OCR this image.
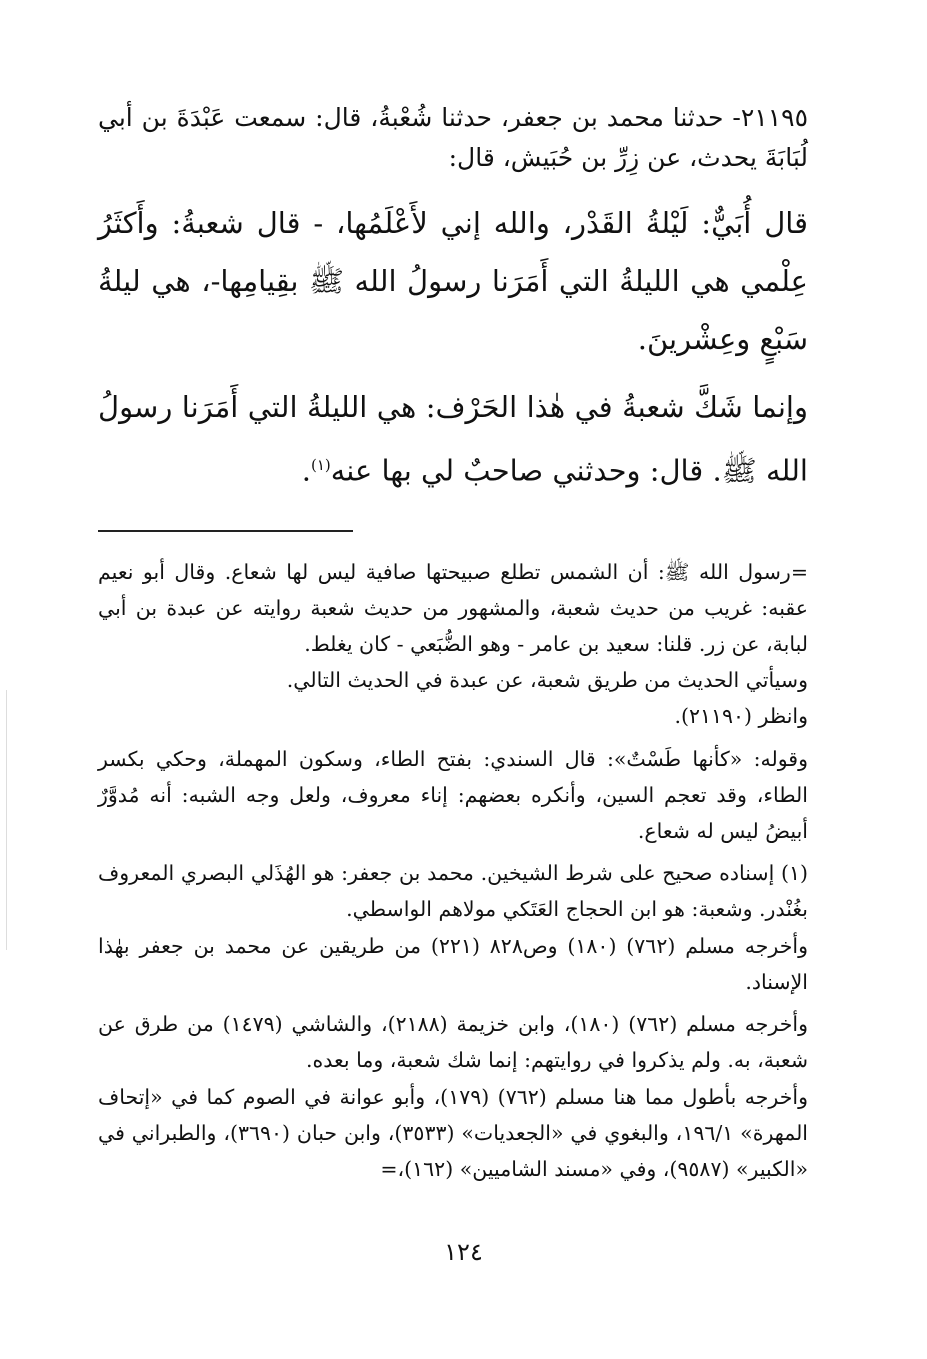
٢١١٩٥- حدثنا محمد بن جعفر، حدثنا شُعْبةُ، قال: سمعت عَبْدَةَ بن أبي لُبَابَةَ يحدث، عن زِرِّ بن حُبَيش، قال:

قال أُبَيٌّ: لَيْلةُ القَدْر، والله إني لأَعْلَمُها، - قال شعبةُ: وأَكثَرُ عِلْمي هي الليلةُ التي أَمَرَنا رسولُ الله ﷺ بقِيامِها-، هي ليلةُ سَبْعٍ وعِشْرينَ.

وإنما شَكَّ شعبةُ في هٰذا الحَرْف: هي الليلةُ التي أَمَرَنا رسولُ الله ﷺ. قال: وحدثني صاحبٌ لي بها عنه$^{(١)}$.

=رسول الله ﷺ: أن الشمس تطلع صبيحتها صافية ليس لها شعاع. وقال أبو نعيم عقبه: غريب من حديث شعبة، والمشهور من حديث شعبة روايته عن عبدة بن أبي لبابة، عن زر. قلنا: سعيد بن عامر - وهو الضُّبَعي - كان يغلط.

وسيأتي الحديث من طريق شعبة، عن عبدة في الحديث التالي.

وانظر (٢١١٩٠).

وقوله: «كأنها طَسْتٌ»: قال السندي: بفتح الطاء، وسكون المهملة، وحكي بكسر الطاء، وقد تعجم السين، وأنكره بعضهم: إناء معروف، ولعل وجه الشبه: أنه مُدوَّرٌ أبيضُ ليس له شعاع.

(١) إسناده صحيح على شرط الشيخين. محمد بن جعفر: هو الهُذَلي البصري المعروف بغُنْدر. وشعبة: هو ابن الحجاج العَتَكي مولاهم الواسطي.

وأخرجه مسلم (٧٦٢) (١٨٠) وص٨٢٨ (٢٢١) من طريقين عن محمد بن جعفر بهٰذا الإسناد.

وأخرجه مسلم (٧٦٢) (١٨٠)، وابن خزيمة (٢١٨٨)، والشاشي (١٤٧٩) من طرق عن شعبة، به. ولم يذكروا في روايتهم: إنما شك شعبة، وما بعده.

وأخرجه بأطول مما هنا مسلم (٧٦٢) (١٧٩)، وأبو عوانة في الصوم كما في «إتحاف المهرة» ١٩٦/١، والبغوي في «الجعديات» (٣٥٣٣)، وابن حبان (٣٦٩٠)، والطبراني في «الكبير» (٩٥٨٧)، وفي «مسند الشاميين» (١٦٢)،=

١٢٤
